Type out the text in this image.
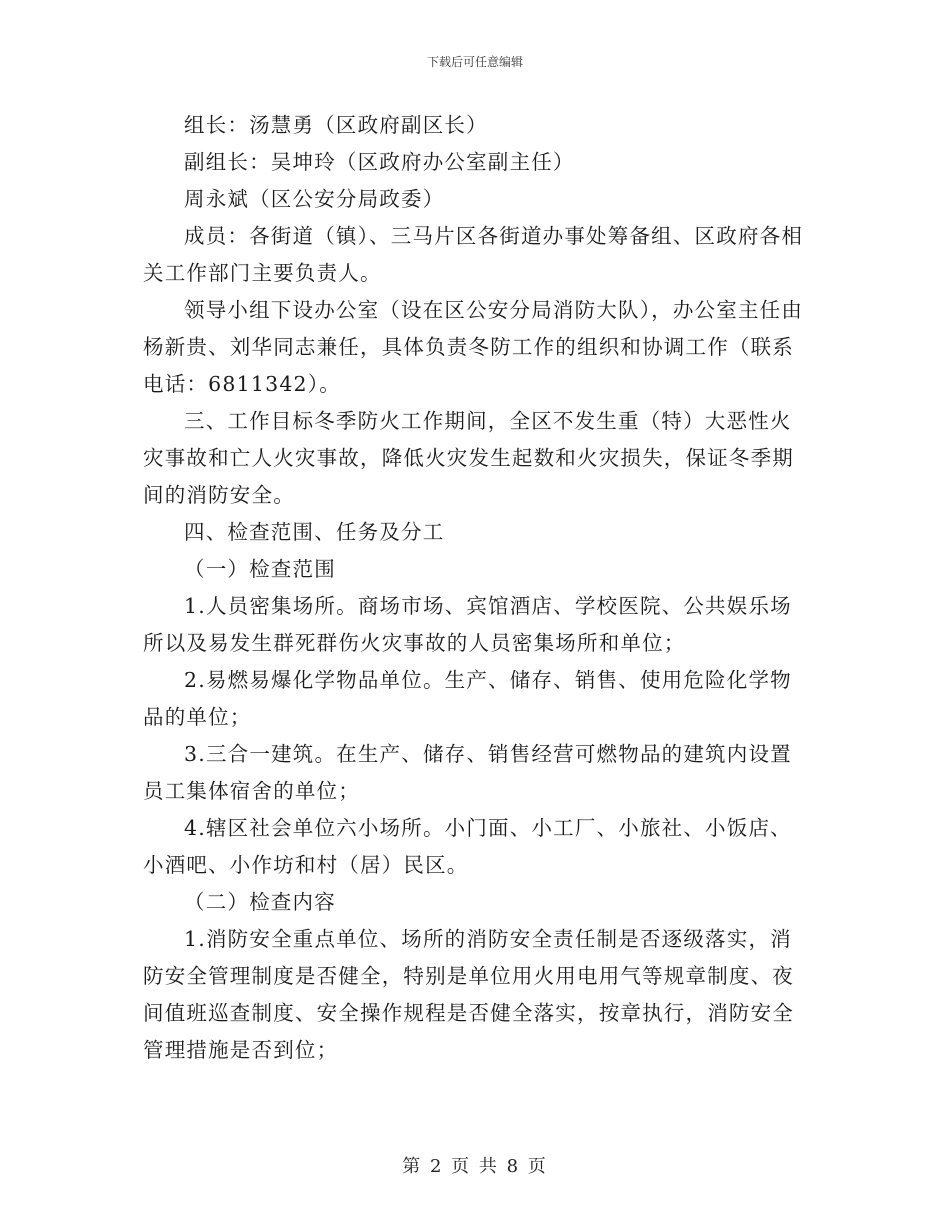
下载后可任意编辑

组长：汤慧勇（区政府副区长）

副组长：吴坤玲（区政府办公室副主任）

周永斌（区公安分局政委）

成员：各街道（镇）、三马片区各街道办事处筹备组、区政府各相关工作部门主要负责人。

领导小组下设办公室（设在区公安分局消防大队），办公室主任由杨新贵、刘华同志兼任，具体负责冬防工作的组织和协调工作（联系电话：6811342）。

三、工作目标冬季防火工作期间，全区不发生重（特）大恶性火灾事故和亡人火灾事故，降低火灾发生起数和火灾损失，保证冬季期间的消防安全。

四、检查范围、任务及分工

（一）检查范围

1.人员密集场所。商场市场、宾馆酒店、学校医院、公共娱乐场所以及易发生群死群伤火灾事故的人员密集场所和单位；

2.易燃易爆化学物品单位。生产、储存、销售、使用危险化学物品的单位；

3.三合一建筑。在生产、储存、销售经营可燃物品的建筑内设置员工集体宿舍的单位；

4.辖区社会单位六小场所。小门面、小工厂、小旅社、小饭店、小酒吧、小作坊和村（居）民区。

（二）检查内容

1.消防安全重点单位、场所的消防安全责任制是否逐级落实，消防安全管理制度是否健全，特别是单位用火用电用气等规章制度、夜间值班巡查制度、安全操作规程是否健全落实，按章执行，消防安全管理措施是否到位；

第 2 页 共 8 页
